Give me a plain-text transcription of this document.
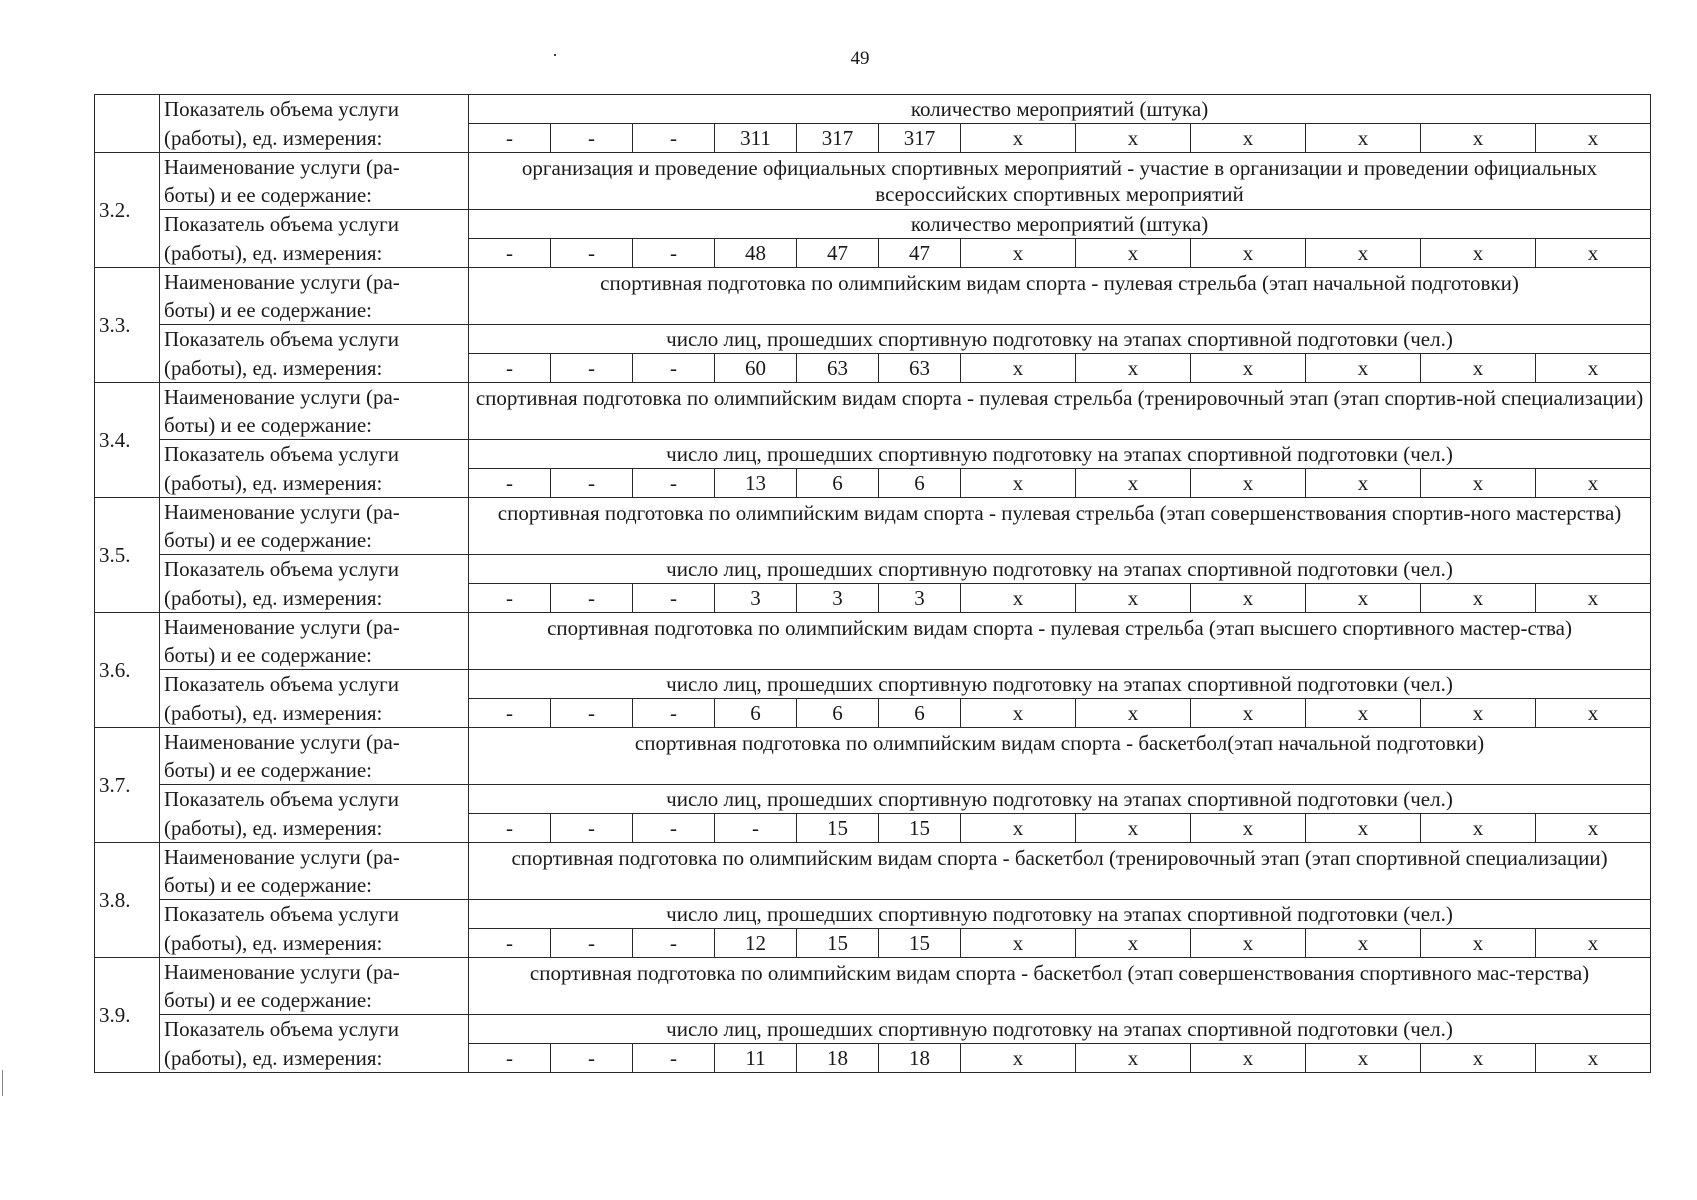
·	49
	Показатель объема услуги	количество мероприятий (штука)											
	(работы), ед. измерения:	-	-	-	311	317	317	x	x	x	x	x	x
3.2.	Наименование услуги (ра-	организация и проведение официальных спортивных мероприятий - участие в организации и проведении официальных всероссийских спортивных мероприятий											
	боты) и ее содержание:												
	Показатель объема услуги	количество мероприятий (штука)											
	(работы), ед. измерения:	-	-	-	48	47	47	x	x	x	x	x	x
3.3.	Наименование услуги (ра-	спортивная подготовка по олимпийским видам спорта - пулевая стрельба (этап начальной подготовки)											
	боты) и ее содержание:												
	Показатель объема услуги	число лиц, прошедших спортивную подготовку на этапах спортивной подготовки (чел.)											
	(работы), ед. измерения:	-	-	-	60	63	63	x	x	x	x	x	x
3.4.	Наименование услуги (ра-	спортивная подготовка по олимпийским видам спорта - пулевая стрельба (тренировочный этап (этап спортив-ной специализации)											
	боты) и ее содержание:												
	Показатель объема услуги	число лиц, прошедших спортивную подготовку на этапах спортивной подготовки (чел.)											
	(работы), ед. измерения:	-	-	-	13	6	6	x	x	x	x	x	x
3.5.	Наименование услуги (ра-	спортивная подготовка по олимпийским видам спорта - пулевая стрельба (этап совершенствования спортив-ного мастерства)											
	боты) и ее содержание:												
	Показатель объема услуги	число лиц, прошедших спортивную подготовку на этапах спортивной подготовки (чел.)											
	(работы), ед. измерения:	-	-	-	3	3	3	x	x	x	x	x	x
3.6.	Наименование услуги (ра-	спортивная подготовка по олимпийским видам спорта - пулевая стрельба (этап высшего спортивного мастер-ства)											
	боты) и ее содержание:												
	Показатель объема услуги	число лиц, прошедших спортивную подготовку на этапах спортивной подготовки (чел.)											
	(работы), ед. измерения:	-	-	-	6	6	6	x	x	x	x	x	x
3.7.	Наименование услуги (ра-	спортивная подготовка по олимпийским видам спорта - баскетбол(этап начальной подготовки)											
	боты) и ее содержание:												
	Показатель объема услуги	число лиц, прошедших спортивную подготовку на этапах спортивной подготовки (чел.)											
	(работы), ед. измерения:	-	-	-	-	15	15	x	x	x	x	x	x
3.8.	Наименование услуги (ра-	спортивная подготовка по олимпийским видам спорта - баскетбол (тренировочный этап (этап спортивной специализации)											
	боты) и ее содержание:												
	Показатель объема услуги	число лиц, прошедших спортивную подготовку на этапах спортивной подготовки (чел.)											
	(работы), ед. измерения:	-	-	-	12	15	15	x	x	x	x	x	x
3.9.	Наименование услуги (ра-	спортивная подготовка по олимпийским видам спорта - баскетбол (этап совершенствования спортивного мас-терства)											
	боты) и ее содержание:												
	Показатель объема услуги	число лиц, прошедших спортивную подготовку на этапах спортивной подготовки (чел.)											
	(работы), ед. измерения:	-	-	-	11	18	18	x	x	x	x	x	x
